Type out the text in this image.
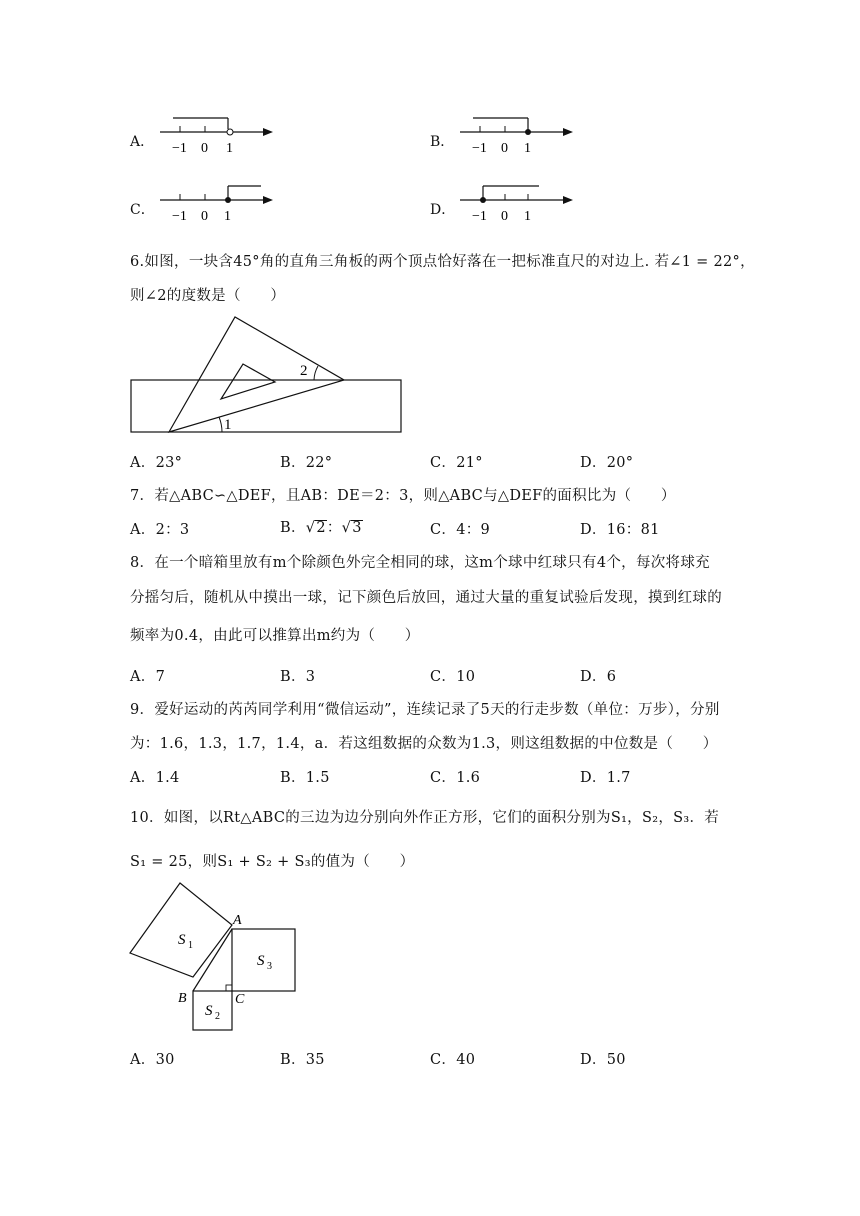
A． −1 0 1	B． −1 0 1
C． −1 0 1	D． −1 0 1
6.如图，一块含45°角的直角三角板的两个顶点恰好落在一把标准直尺的对边上. 若∠1 = 22°，
则∠2的度数是（　　）
1
2
A．23°	B．22°	C．21°	D．20°
7．若△ABC∽△DEF，且AB：DE＝2：3，则△ABC与△DEF的面积比为（　　）
A．2：3	B．√2：√3	C．4：9	D．16：81
8．在一个暗箱里放有m个除颜色外完全相同的球，这m个球中红球只有4个，每次将球充
分摇匀后，随机从中摸出一球，记下颜色后放回，通过大量的重复试验后发现，摸到红球的
频率为0.4，由此可以推算出m约为（　　）
A．7	B．3	C．10	D．6
9．爱好运动的芮芮同学利用“微信运动”，连续记录了5天的行走步数（单位：万步），分别
为：1.6，1.3，1.7，1.4，a．若这组数据的众数为1.3，则这组数据的中位数是（　　）
A．1.4	B．1.5	C．1.6	D．1.7
10．如图，以Rt△ABC的三边为边分别向外作正方形，它们的面积分别为S₁，S₂，S₃．若
S₁ = 25，则S₁ + S₂ + S₃的值为（　　）
A
B	C
S 1
S 3
S 2
A．30	B．35	C．40	D．50
